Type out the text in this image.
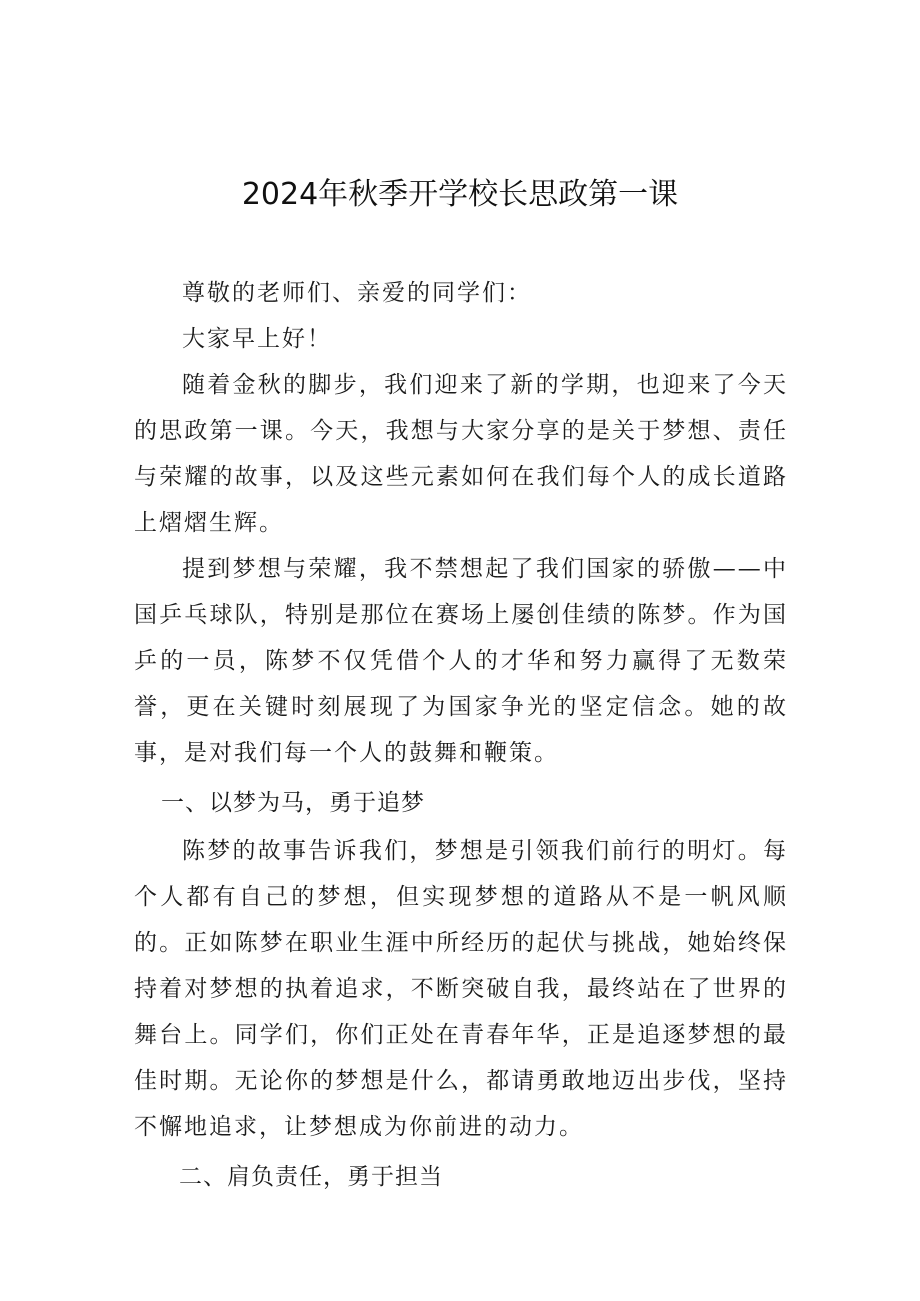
2024年秋季开学校长思政第一课

尊敬的老师们、亲爱的同学们：

大家早上好！

随着金秋的脚步，我们迎来了新的学期，也迎来了今天的思政第一课。今天，我想与大家分享的是关于梦想、责任与荣耀的故事，以及这些元素如何在我们每个人的成长道路上熠熠生辉。

提到梦想与荣耀，我不禁想起了我们国家的骄傲——中国乒乓球队，特别是那位在赛场上屡创佳绩的陈梦。作为国乒的一员，陈梦不仅凭借个人的才华和努力赢得了无数荣誉，更在关键时刻展现了为国家争光的坚定信念。她的故事，是对我们每一个人的鼓舞和鞭策。

一、以梦为马，勇于追梦

陈梦的故事告诉我们，梦想是引领我们前行的明灯。每个人都有自己的梦想，但实现梦想的道路从不是一帆风顺的。正如陈梦在职业生涯中所经历的起伏与挑战，她始终保持着对梦想的执着追求，不断突破自我，最终站在了世界的舞台上。同学们，你们正处在青春年华，正是追逐梦想的最佳时期。无论你的梦想是什么，都请勇敢地迈出步伐，坚持不懈地追求，让梦想成为你前进的动力。

二、肩负责任，勇于担当
